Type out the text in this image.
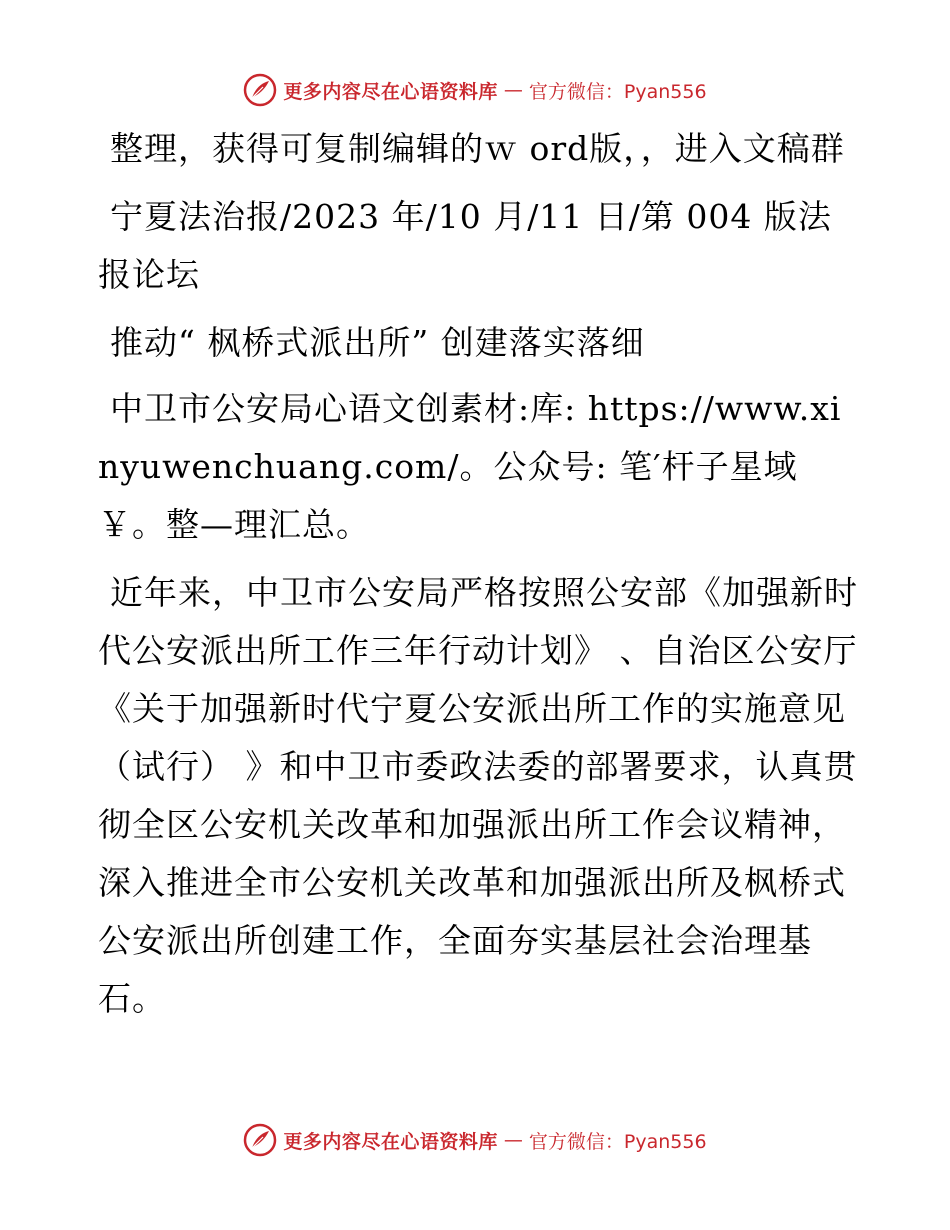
更多内容尽在心语资料库 — 官方微信：Pyan556

整理，获得可复制编辑的ｗ ord版，，进入文稿群

宁夏法治报/2023 年/10 月/11 日/第 004 版法报论坛

推动“ 枫桥式派出所” 创建落实落细

中卫市公安局心语文创素材:库: https://www.xinyuwenchuang.com/。公众号: 笔′杆子星域￥。整—理汇总。

近年来，中卫市公安局严格按照公安部《加强新时代公安派出所工作三年行动计划》 、自治区公安厅《关于加强新时代宁夏公安派出所工作的实施意见（试行） 》和中卫市委政法委的部署要求，认真贯彻全区公安机关改革和加强派出所工作会议精神，深入推进全市公安机关改革和加强派出所及枫桥式公安派出所创建工作，全面夯实基层社会治理基石。

更多内容尽在心语资料库 — 官方微信：Pyan556
